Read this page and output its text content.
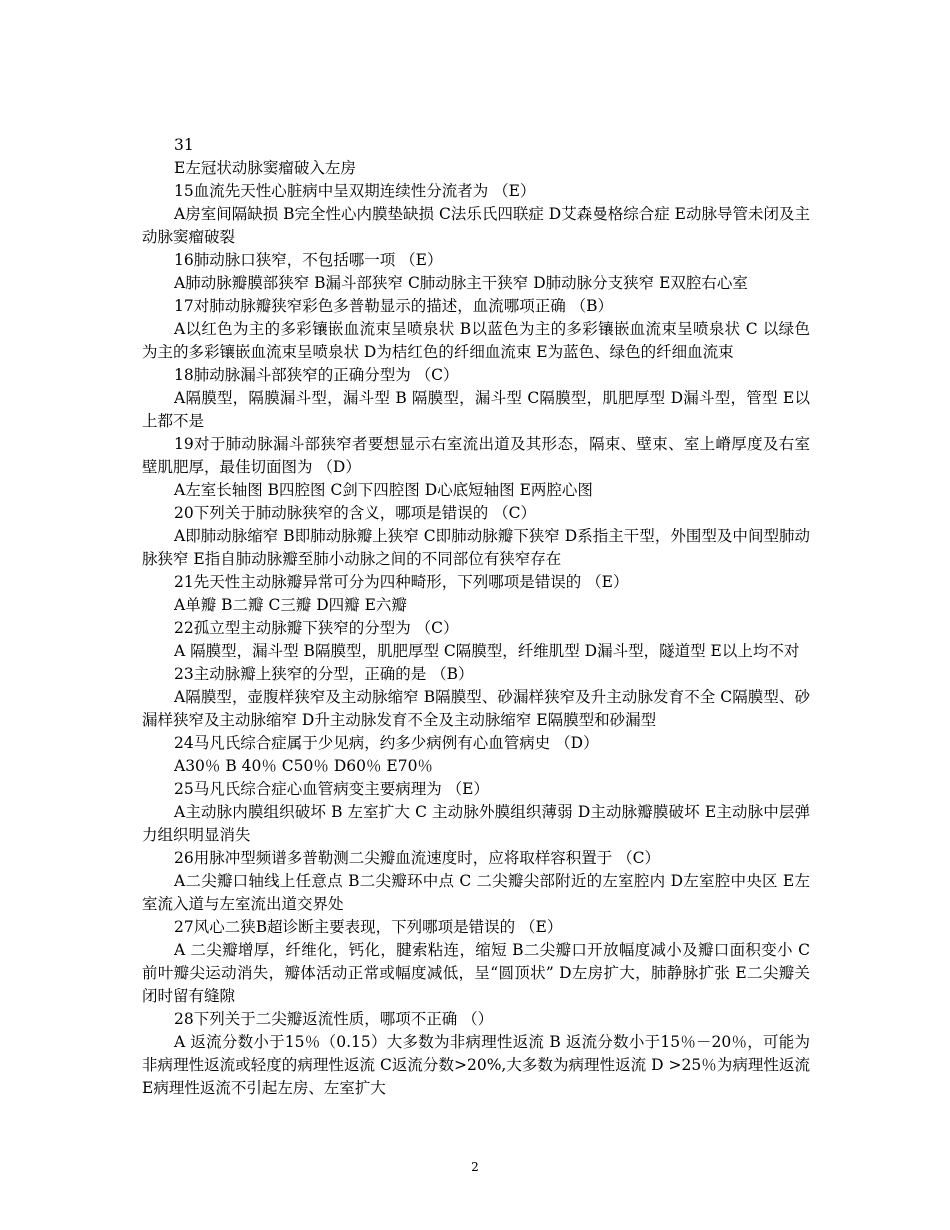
31

E左冠状动脉窦瘤破入左房

15血流先天性心脏病中呈双期连续性分流者为 （E）

A房室间隔缺损 B完全性心内膜垫缺损 C法乐氏四联症 D艾森曼格综合症 E动脉导管未闭及主动脉窦瘤破裂

16肺动脉口狭窄，不包括哪一项 （E）

A肺动脉瓣膜部狭窄 B漏斗部狭窄 C肺动脉主干狭窄 D肺动脉分支狭窄 E双腔右心室

17对肺动脉瓣狭窄彩色多普勒显示的描述，血流哪项正确 （B）

A以红色为主的多彩镶嵌血流束呈喷泉状 B以蓝色为主的多彩镶嵌血流束呈喷泉状 C 以绿色为主的多彩镶嵌血流束呈喷泉状 D为桔红色的纤细血流束 E为蓝色、绿色的纤细血流束

18肺动脉漏斗部狭窄的正确分型为 （C）

A隔膜型，隔膜漏斗型，漏斗型 B 隔膜型，漏斗型 C隔膜型，肌肥厚型 D漏斗型，管型 E以上都不是

19对于肺动脉漏斗部狭窄者要想显示右室流出道及其形态，隔束、壁束、室上嵴厚度及右室壁肌肥厚，最佳切面图为 （D）

A左室长轴图 B四腔图 C剑下四腔图 D心底短轴图 E两腔心图

20下列关于肺动脉狭窄的含义，哪项是错误的 （C）

A即肺动脉缩窄 B即肺动脉瓣上狭窄 C即肺动脉瓣下狭窄 D系指主干型，外围型及中间型肺动脉狭窄 E指自肺动脉瓣至肺小动脉之间的不同部位有狭窄存在

21先天性主动脉瓣异常可分为四种畸形，下列哪项是错误的 （E）

A单瓣 B二瓣 C三瓣 D四瓣 E六瓣

22孤立型主动脉瓣下狭窄的分型为 （C）

A 隔膜型，漏斗型 B隔膜型，肌肥厚型 C隔膜型，纤维肌型 D漏斗型，隧道型 E以上均不对

23主动脉瓣上狭窄的分型，正确的是 （B）

A隔膜型，壶腹样狭窄及主动脉缩窄 B隔膜型、砂漏样狭窄及升主动脉发育不全 C隔膜型、砂漏样狭窄及主动脉缩窄 D升主动脉发育不全及主动脉缩窄 E隔膜型和砂漏型

24马凡氏综合症属于少见病，约多少病例有心血管病史 （D）

A30％ B 40％ C50％ D60％ E70％

25马凡氏综合症心血管病变主要病理为 （E）

A主动脉内膜组织破坏 B 左室扩大 C 主动脉外膜组织薄弱 D主动脉瓣膜破坏 E主动脉中层弹力组织明显消失

26用脉冲型频谱多普勒测二尖瓣血流速度时，应将取样容积置于 （C）

A二尖瓣口轴线上任意点 B二尖瓣环中点 C 二尖瓣尖部附近的左室腔内 D左室腔中央区 E左室流入道与左室流出道交界处

27风心二狭B超诊断主要表现，下列哪项是错误的 （E）

A 二尖瓣增厚，纤维化，钙化，腱索粘连，缩短 B二尖瓣口开放幅度减小及瓣口面积变小 C前叶瓣尖运动消失，瓣体活动正常或幅度减低，呈“圆顶状” D左房扩大，肺静脉扩张 E二尖瓣关闭时留有缝隙

28下列关于二尖瓣返流性质，哪项不正确 （）

A 返流分数小于15％（0.15）大多数为非病理性返流 B 返流分数小于15％－20％，可能为非病理性返流或轻度的病理性返流 C返流分数>20%,大多数为病理性返流 D >25％为病理性返流 E病理性返流不引起左房、左室扩大

2
